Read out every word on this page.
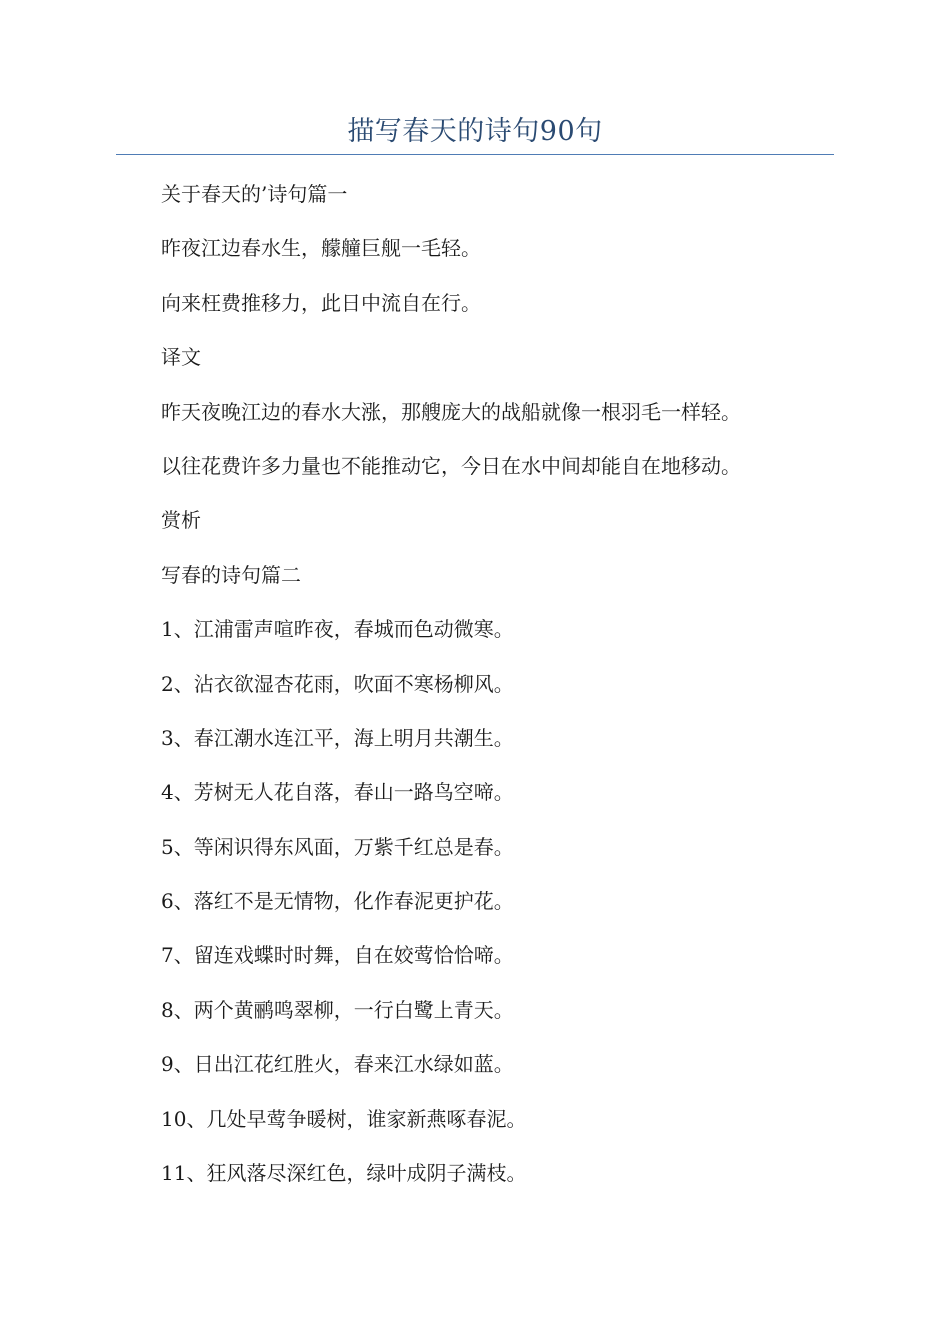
描写春天的诗句90句
关于春天的’诗句篇一
昨夜江边春水生，艨艟巨舰一毛轻。
向来枉费推移力，此日中流自在行。
译文
昨天夜晚江边的春水大涨，那艘庞大的战船就像一根羽毛一样轻。
以往花费许多力量也不能推动它，今日在水中间却能自在地移动。
赏析
写春的诗句篇二
1、江浦雷声喧昨夜，春城而色动微寒。
2、沾衣欲湿杏花雨，吹面不寒杨柳风。
3、春江潮水连江平，海上明月共潮生。
4、芳树无人花自落，春山一路鸟空啼。
5、等闲识得东风面，万紫千红总是春。
6、落红不是无情物，化作春泥更护花。
7、留连戏蝶时时舞，自在姣莺恰恰啼。
8、两个黄鹂鸣翠柳，一行白鹭上青天。
9、日出江花红胜火，春来江水绿如蓝。
10、几处早莺争暖树，谁家新燕啄春泥。
11、狂风落尽深红色，绿叶成阴子满枝。
